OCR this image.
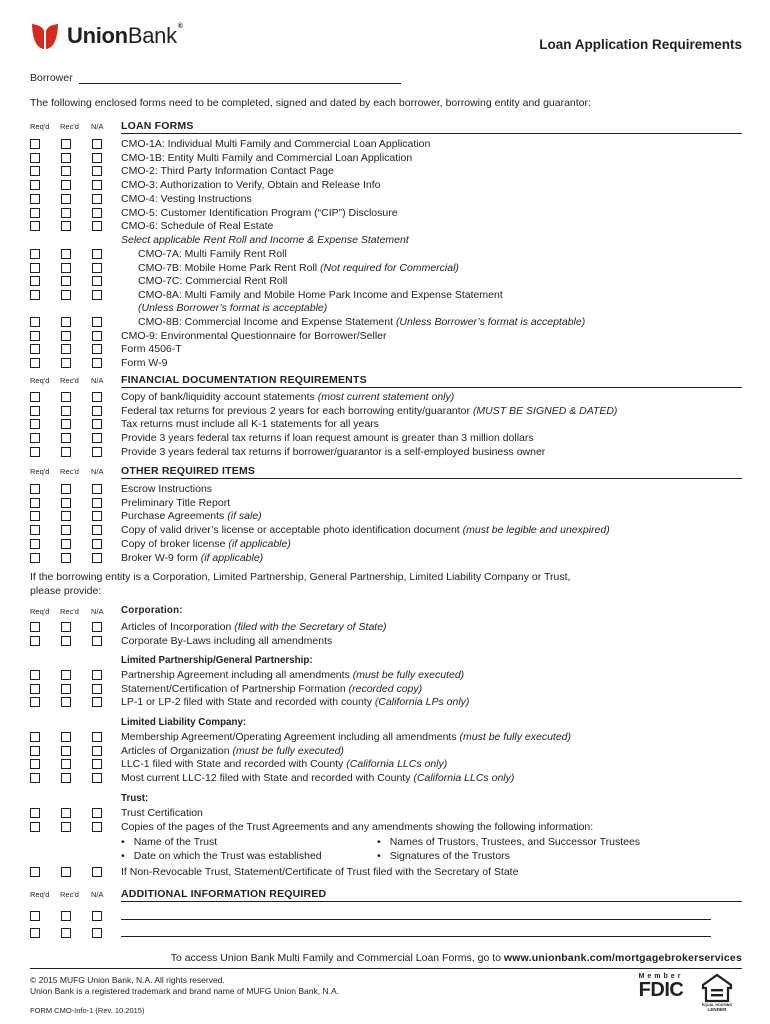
UnionBank®
Loan Application Requirements
Borrower
The following enclosed forms need to be completed, signed and dated by each borrower, borrowing entity and guarantor:
Req'd Rec'd N/A LOAN FORMS
CMO-1A: Individual Multi Family and Commercial Loan Application
CMO-1B: Entity Multi Family and Commercial Loan Application
CMO-2: Third Party Information Contact Page
CMO-3: Authorization to Verify, Obtain and Release Info
CMO-4: Vesting Instructions
CMO-5: Customer Identification Program (“CIP”) Disclosure
CMO-6: Schedule of Real Estate
Select applicable Rent Roll and Income & Expense Statement
CMO-7A: Multi Family Rent Roll
CMO-7B: Mobile Home Park Rent Roll (Not required for Commercial)
CMO-7C: Commercial Rent Roll
CMO-8A: Multi Family and Mobile Home Park Income and Expense Statement
(Unless Borrower’s format is acceptable)
CMO-8B: Commercial Income and Expense Statement (Unless Borrower’s format is acceptable)
CMO-9: Environmental Questionnaire for Borrower/Seller
Form 4506-T
Form W-9
Req'd Rec'd N/A FINANCIAL DOCUMENTATION REQUIREMENTS
Copy of bank/liquidity account statements (most current statement only)
Federal tax returns for previous 2 years for each borrowing entity/guarantor (MUST BE SIGNED & DATED)
Tax returns must include all K-1 statements for all years
Provide 3 years federal tax returns if loan request amount is greater than 3 million dollars
Provide 3 years federal tax returns if borrower/guarantor is a self-employed business owner
Req'd Rec'd N/A OTHER REQUIRED ITEMS
Escrow Instructions
Preliminary Title Report
Purchase Agreements (if sale)
Copy of valid driver’s license or acceptable photo identification document (must be legible and unexpired)
Copy of broker license (if applicable)
Broker W-9 form (if applicable)
If the borrowing entity is a Corporation, Limited Partnership, General Partnership, Limited Liability Company or Trust,
please provide:
Req'd Rec'd N/A Corporation:
Articles of Incorporation (filed with the Secretary of State)
Corporate By-Laws including all amendments
Limited Partnership/General Partnership:
Partnership Agreement including all amendments (must be fully executed)
Statement/Certification of Partnership Formation (recorded copy)
LP-1 or LP-2 filed with State and recorded with county (California LPs only)
Limited Liability Company:
Membership Agreement/Operating Agreement including all amendments (must be fully executed)
Articles of Organization (must be fully executed)
LLC-1 filed with State and recorded with County (California LLCs only)
Most current LLC-12 filed with State and recorded with County (California LLCs only)
Trust:
Trust Certification
Copies of the pages of the Trust Agreements and any amendments showing the following information:
• Name of the Trust	• Names of Trustors, Trustees, and Successor Trustees
• Date on which the Trust was established	• Signatures of the Trustors
If Non-Revocable Trust, Statement/Certificate of Trust filed with the Secretary of State
Req'd Rec'd N/A ADDITIONAL INFORMATION REQUIRED
To access Union Bank Multi Family and Commercial Loan Forms, go to www.unionbank.com/mortgagebrokerservices
© 2015 MUFG Union Bank, N.A. All rights reserved.
Union Bank is a registered trademark and brand name of MUFG Union Bank, N.A.
FORM CMO-Info-1 (Rev. 10.2015)
Member
FDIC
EQUAL HOUSING
LENDER
